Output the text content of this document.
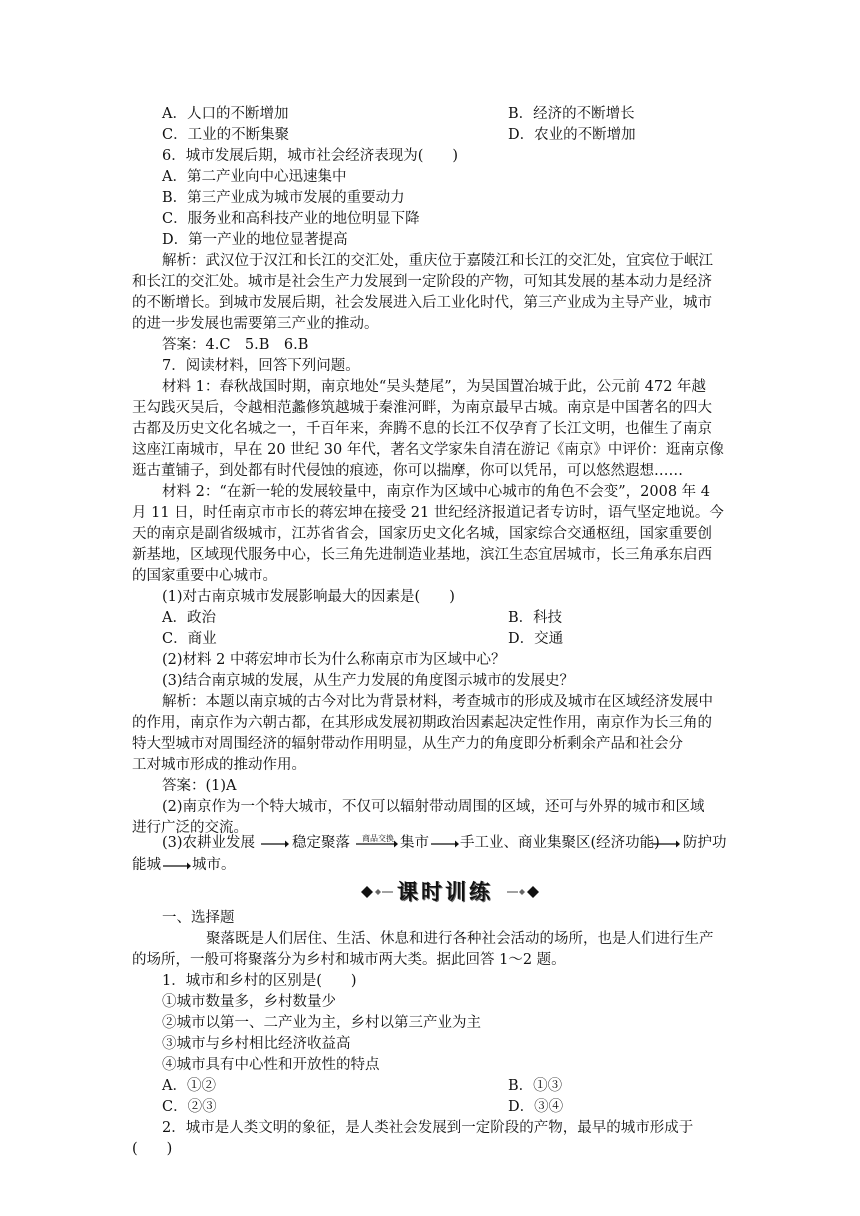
A．人口的不断增加	B．经济的不断增长
C．工业的不断集聚	D．农业的不断增加
6．城市发展后期，城市社会经济表现为(　　)
A．第二产业向中心迅速集中
B．第三产业成为城市发展的重要动力
C．服务业和高科技产业的地位明显下降
D．第一产业的地位显著提高
解析：武汉位于汉江和长江的交汇处，重庆位于嘉陵江和长江的交汇处，宜宾位于岷江
和长江的交汇处。城市是社会生产力发展到一定阶段的产物，可知其发展的基本动力是经济
的不断增长。到城市发展后期，社会发展进入后工业化时代，第三产业成为主导产业，城市
的进一步发展也需要第三产业的推动。
答案：4.C　5.B　6.B
7．阅读材料，回答下列问题。
材料 1：春秋战国时期，南京地处“吴头楚尾”，为吴国置冶城于此，公元前 472 年越
王勾践灭吴后，令越相范蠡修筑越城于秦淮河畔，为南京最早古城。南京是中国著名的四大
古都及历史文化名城之一，千百年来，奔腾不息的长江不仅孕育了长江文明，也催生了南京
这座江南城市，早在 20 世纪 30 年代，著名文学家朱自清在游记《南京》中评价：逛南京像
逛古董铺子，到处都有时代侵蚀的痕迹，你可以揣摩，你可以凭吊，可以悠然遐想……
材料 2：“在新一轮的发展较量中，南京作为区域中心城市的角色不会变”，2008 年 4
月 11 日，时任南京市市长的蒋宏坤在接受 21 世纪经济报道记者专访时，语气坚定地说。今
天的南京是副省级城市，江苏省省会，国家历史文化名城，国家综合交通枢纽，国家重要创
新基地，区域现代服务中心，长三角先进制造业基地，滨江生态宜居城市，长三角承东启西
的国家重要中心城市。
(1)对古南京城市发展影响最大的因素是(　　)
A．政治	B．科技
C．商业	D．交通
(2)材料 2 中蒋宏坤市长为什么称南京市为区域中心？
(3)结合南京城的发展，从生产力发展的角度图示城市的发展史？
解析：本题以南京城的古今对比为背景材料，考查城市的形成及城市在区域经济发展中
的作用，南京作为六朝古都，在其形成发展初期政治因素起决定性作用，南京作为长三角的
特大型城市对周围经济的辐射带动作用明显，从生产力的角度即分析剩余产品和社会分
工对城市形成的推动作用。
答案：(1)A
(2)南京作为一个特大城市，不仅可以辐射带动周围的区域，还可与外界的城市和区域
进行广泛的交流。
(3)农耕业发展	稳定聚落 商品交换 集市 手工业、商业集聚区(经济功能) 防护功
能城 城市。
课时训练
一、选择题
聚落既是人们居住、生活、休息和进行各种社会活动的场所，也是人们进行生产
的场所，一般可将聚落分为乡村和城市两大类。据此回答 1～2 题。
1．城市和乡村的区别是(　　)
①城市数量多，乡村数量少
②城市以第一、二产业为主，乡村以第三产业为主
③城市与乡村相比经济收益高
④城市具有中心性和开放性的特点
A．①②	B．①③
C．②③	D．③④
2．城市是人类文明的象征，是人类社会发展到一定阶段的产物，最早的城市形成于
(　　)
